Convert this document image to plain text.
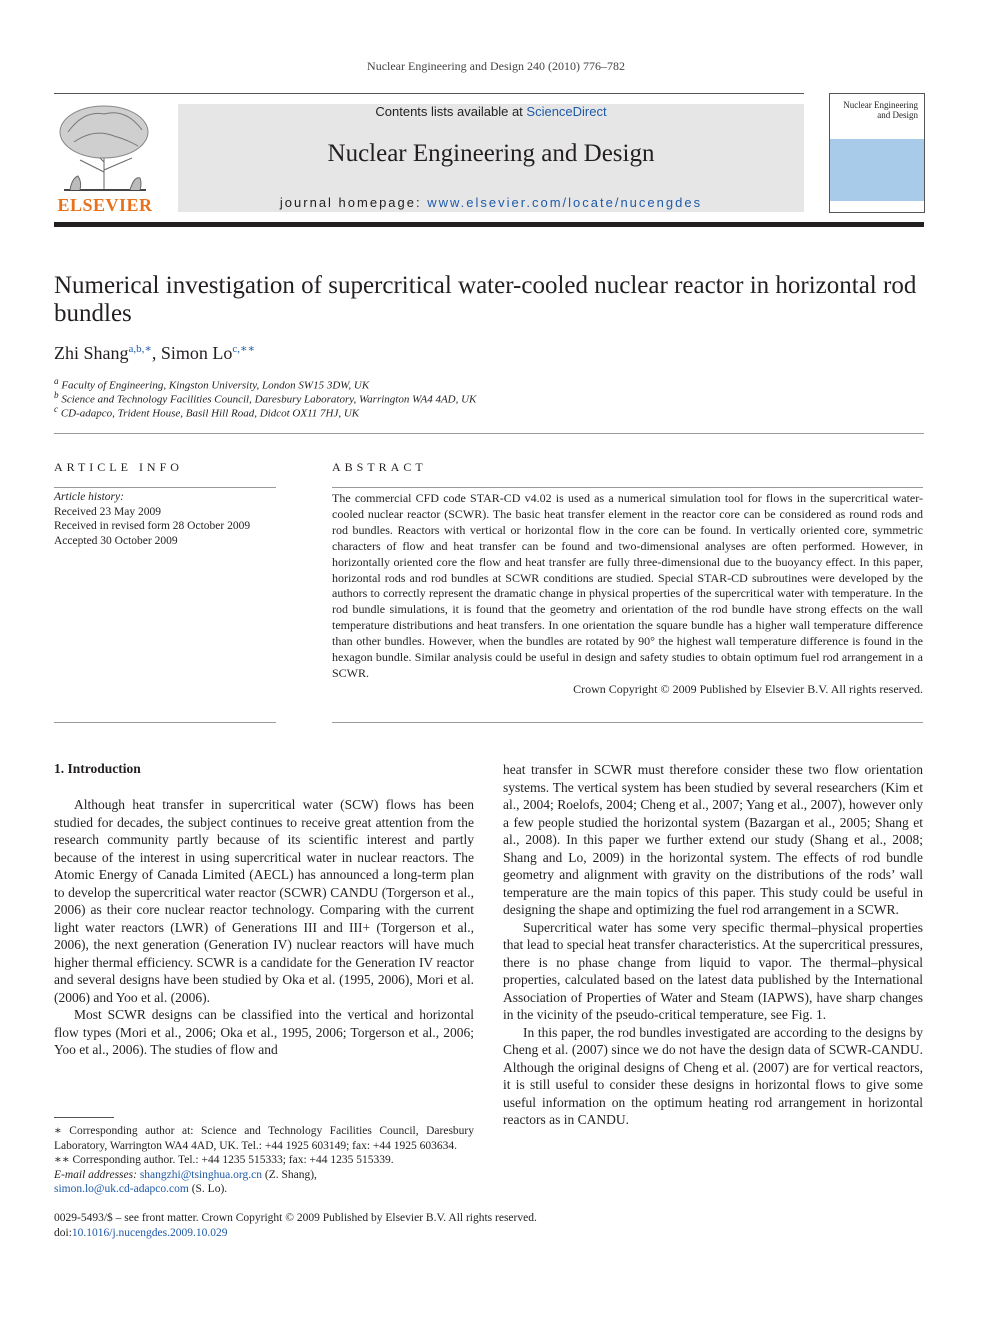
Nuclear Engineering and Design 240 (2010) 776–782
ELSEVIER
Contents lists available at ScienceDirect
Nuclear Engineering and Design
journal homepage: www.elsevier.com/locate/nucengdes
Nuclear Engineering
and Design
Numerical investigation of supercritical water-cooled nuclear reactor in horizontal rod bundles
Zhi Shang$^{a,b,∗}$, Simon $Lo^{c,∗∗}$
$^a$ Faculty of Engineering, Kingston University, London SW15 3DW, UK
$^b$ Science and Technology Facilities Council, Daresbury Laboratory, Warrington WA4 4AD, UK
$^c$ CD-adapco, Trident House, Basil Hill Road, Didcot OX11 7HJ, UK
ARTICLE INFO
Article history:
Received 23 May 2009
Received in revised form 28 October 2009
Accepted 30 October 2009
ABSTRACT
The commercial CFD code STAR-CD v4.02 is used as a numerical simulation tool for flows in the supercritical water-cooled nuclear reactor (SCWR). The basic heat transfer element in the reactor core can be considered as round rods and rod bundles. Reactors with vertical or horizontal flow in the core can be found. In vertically oriented core, symmetric characters of flow and heat transfer can be found and two-dimensional analyses are often performed. However, in horizontally oriented core the flow and heat transfer are fully three-dimensional due to the buoyancy effect. In this paper, horizontal rods and rod bundles at SCWR conditions are studied. Special STAR-CD subroutines were developed by the authors to correctly represent the dramatic change in physical properties of the supercritical water with temperature. In the rod bundle simulations, it is found that the geometry and orientation of the rod bundle have strong effects on the wall temperature distributions and heat transfers. In one orientation the square bundle has a higher wall temperature difference than other bundles. However, when the bundles are rotated by 90° the highest wall temperature difference is found in the hexagon bundle. Similar analysis could be useful in design and safety studies to obtain optimum fuel rod arrangement in a SCWR.
Crown Copyright © 2009 Published by Elsevier B.V. All rights reserved.
1. Introduction

Although heat transfer in supercritical water (SCW) flows has been studied for decades, the subject continues to receive great attention from the research community partly because of its scientific interest and partly because of the interest in using supercritical water in nuclear reactors. The Atomic Energy of Canada Limited (AECL) has announced a long-term plan to develop the supercritical water reactor (SCWR) CANDU (Torgerson et al., 2006) as their core nuclear reactor technology. Comparing with the current light water reactors (LWR) of Generations III and III+ (Torgerson et al., 2006), the next generation (Generation IV) nuclear reactors will have much higher thermal efficiency. SCWR is a candidate for the Generation IV reactor and several designs have been studied by Oka et al. (1995, 2006), Mori et al. (2006) and Yoo et al. (2006).

Most SCWR designs can be classified into the vertical and horizontal flow types (Mori et al., 2006; Oka et al., 1995, 2006; Torgerson et al., 2006; Yoo et al., 2006). The studies of flow and

heat transfer in SCWR must therefore consider these two flow orientation systems. The vertical system has been studied by several researchers (Kim et al., 2004; Roelofs, 2004; Cheng et al., 2007; Yang et al., 2007), however only a few people studied the horizontal system (Bazargan et al., 2005; Shang et al., 2008). In this paper we further extend our study (Shang et al., 2008; Shang and Lo, 2009) in the horizontal system. The effects of rod bundle geometry and alignment with gravity on the distributions of the rods’ wall temperature are the main topics of this paper. This study could be useful in designing the shape and optimizing the fuel rod arrangement in a SCWR.

Supercritical water has some very specific thermal–physical properties that lead to special heat transfer characteristics. At the supercritical pressures, there is no phase change from liquid to vapor. The thermal–physical properties, calculated based on the latest data published by the International Association of Properties of Water and Steam (IAPWS), have sharp changes in the vicinity of the pseudo-critical temperature, see Fig. 1.

In this paper, the rod bundles investigated are according to the designs by Cheng et al. (2007) since we do not have the design data of SCWR-CANDU. Although the original designs of Cheng et al. (2007) are for vertical reactors, it is still useful to consider these designs in horizontal flows to give some useful information on the optimum heating rod arrangement in horizontal reactors as in CANDU.

∗ Corresponding author at: Science and Technology Facilities Council, Daresbury Laboratory, Warrington WA4 4AD, UK. Tel.: +44 1925 603149; fax: +44 1925 603634.
∗∗ Corresponding author. Tel.: +44 1235 515333; fax: +44 1235 515339.
E-mail addresses: shangzhi@tsinghua.org.cn (Z. Shang),
simon.lo@uk.cd-adapco.com (S. Lo).
0029-5493/$ – see front matter. Crown Copyright © 2009 Published by Elsevier B.V. All rights reserved.
doi:10.1016/j.nucengdes.2009.10.029
